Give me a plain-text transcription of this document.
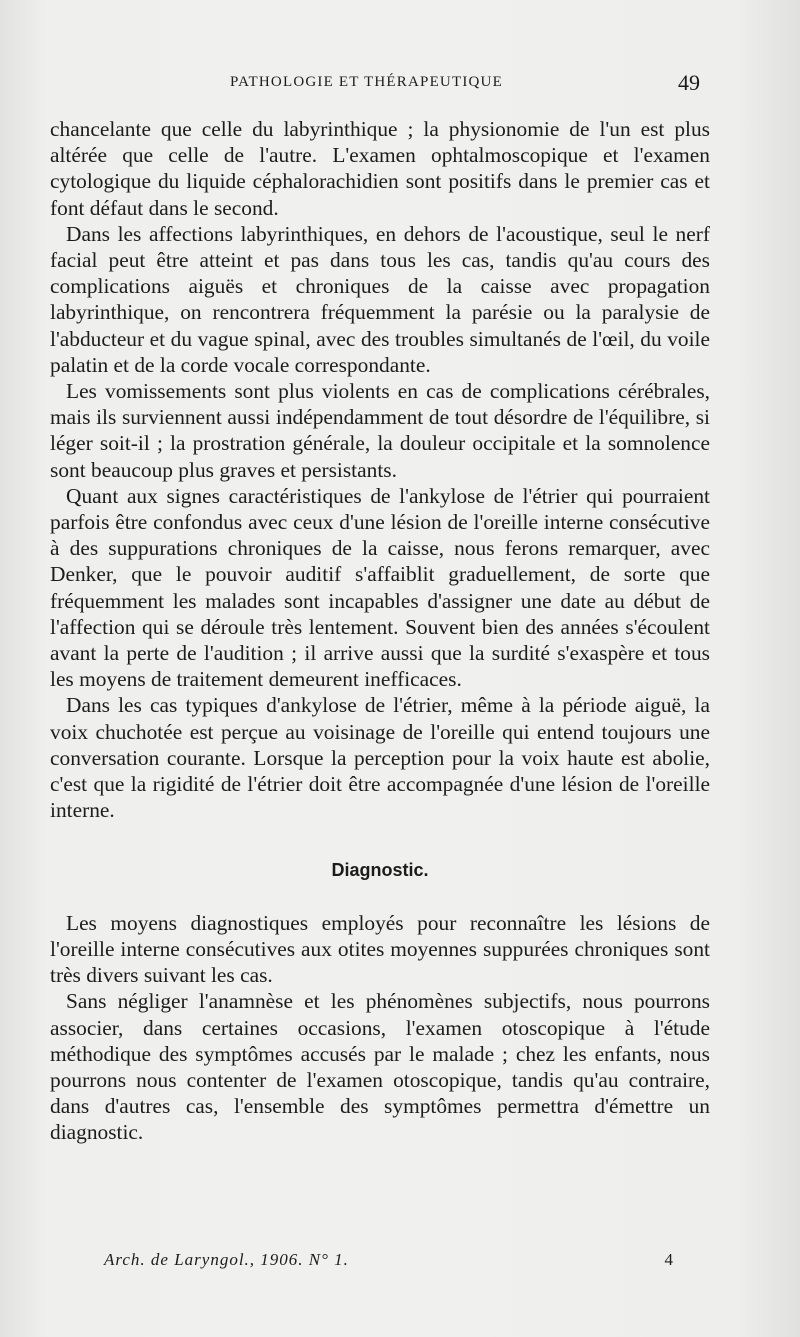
PATHOLOGIE ET THÉRAPEUTIQUE	49

chancelante que celle du labyrinthique ; la physionomie de l'un est plus altérée que celle de l'autre. L'examen ophtalmoscopique et l'examen cytologique du liquide céphalorachidien sont positifs dans le premier cas et font défaut dans le second.

Dans les affections labyrinthiques, en dehors de l'acoustique, seul le nerf facial peut être atteint et pas dans tous les cas, tandis qu'au cours des complications aiguës et chroniques de la caisse avec propagation labyrinthique, on rencontrera fréquemment la parésie ou la paralysie de l'abducteur et du vague spinal, avec des troubles simultanés de l'œil, du voile palatin et de la corde vocale correspondante.

Les vomissements sont plus violents en cas de complications cérébrales, mais ils surviennent aussi indépendamment de tout désordre de l'équilibre, si léger soit-il ; la prostration générale, la douleur occipitale et la somnolence sont beaucoup plus graves et persistants.

Quant aux signes caractéristiques de l'ankylose de l'étrier qui pourraient parfois être confondus avec ceux d'une lésion de l'oreille interne consécutive à des suppurations chroniques de la caisse, nous ferons remarquer, avec Denker, que le pouvoir auditif s'affaiblit graduellement, de sorte que fréquemment les malades sont incapables d'assigner une date au début de l'affection qui se déroule très lentement. Souvent bien des années s'écoulent avant la perte de l'audition ; il arrive aussi que la surdité s'exaspère et tous les moyens de traitement demeurent inefficaces.

Dans les cas typiques d'ankylose de l'étrier, même à la période aiguë, la voix chuchotée est perçue au voisinage de l'oreille qui entend toujours une conversation courante. Lorsque la perception pour la voix haute est abolie, c'est que la rigidité de l'étrier doit être accompagnée d'une lésion de l'oreille interne.

Diagnostic.

Les moyens diagnostiques employés pour reconnaître les lésions de l'oreille interne consécutives aux otites moyennes suppurées chroniques sont très divers suivant les cas.

Sans négliger l'anamnèse et les phénomènes subjectifs, nous pourrons associer, dans certaines occasions, l'examen otoscopique à l'étude méthodique des symptômes accusés par le malade ; chez les enfants, nous pourrons nous contenter de l'examen otoscopique, tandis qu'au contraire, dans d'autres cas, l'ensemble des symptômes permettra d'émettre un diagnostic.

Arch. de Laryngol., 1906. N° 1.	4
